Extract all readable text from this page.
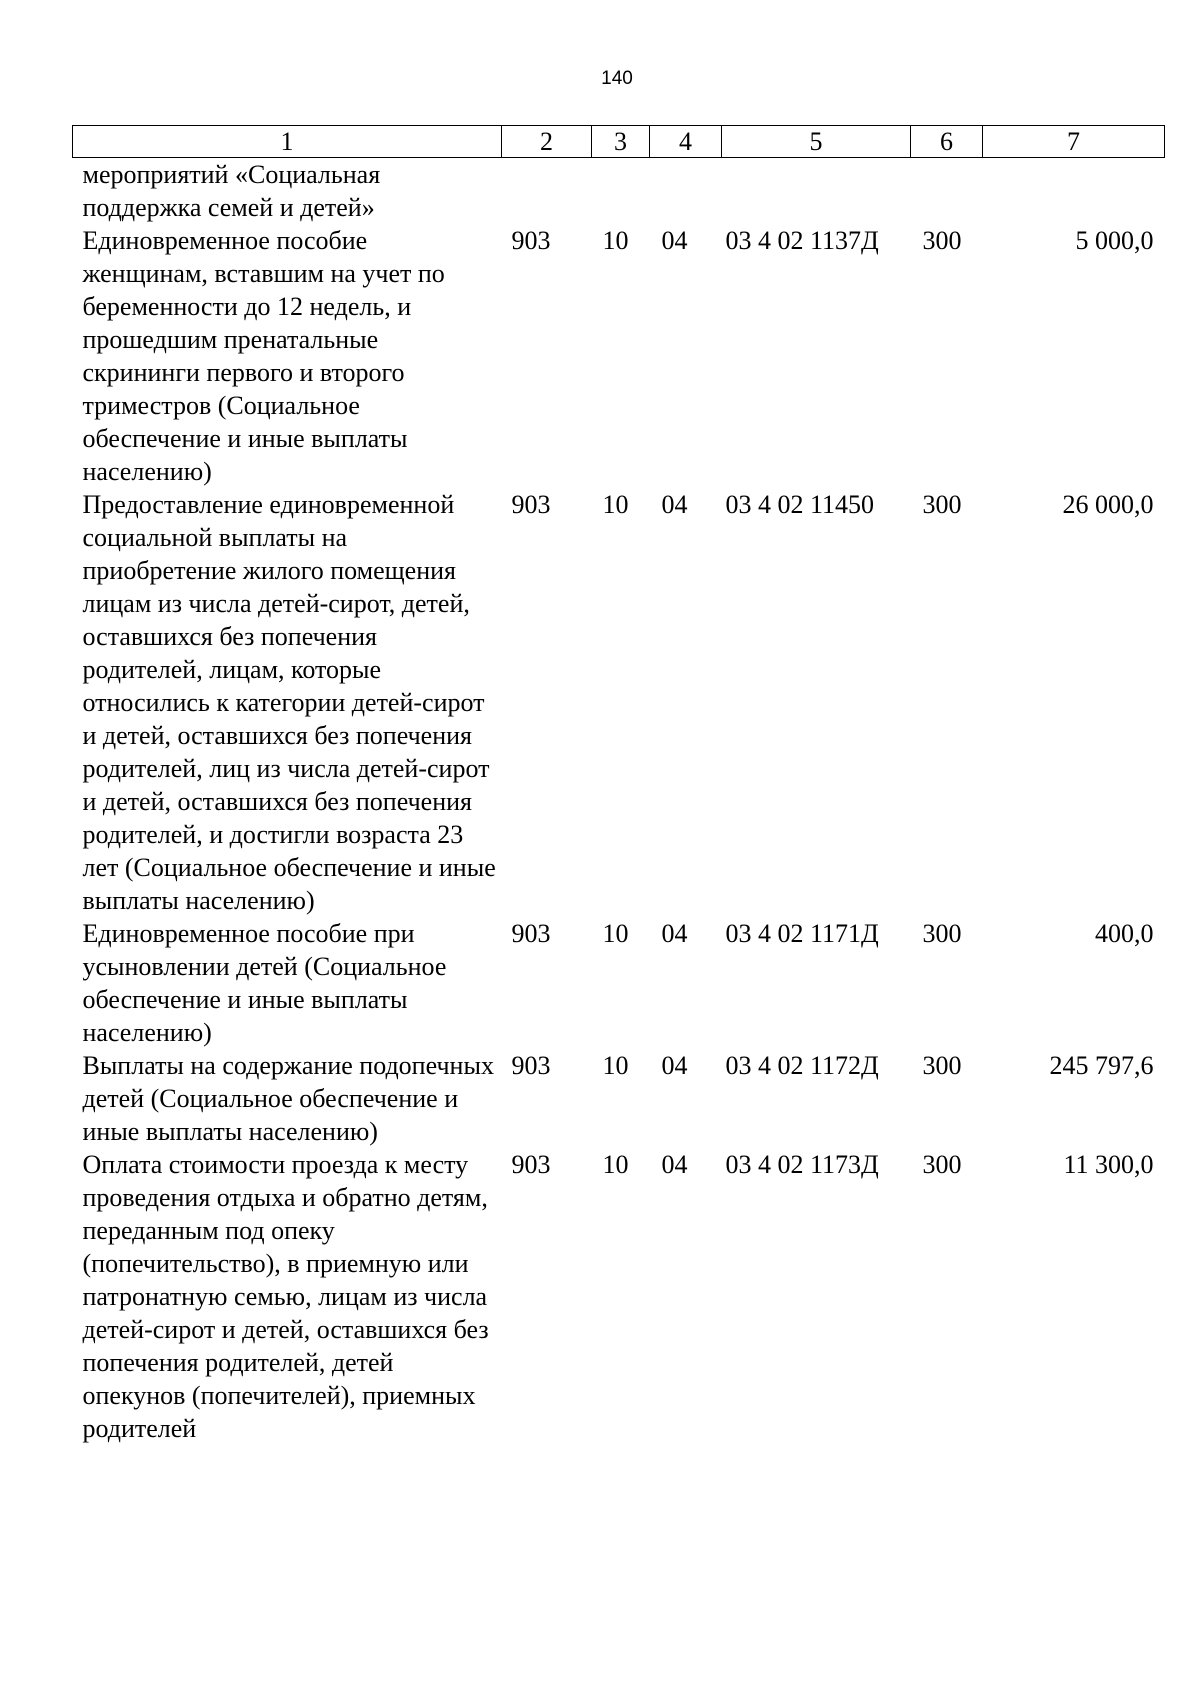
140
1	2	3	4	5	6	7
мероприятий «Социальная поддержка семей и детей»						
Единовременное пособие женщинам, вставшим на учет по беременности до 12 недель, и прошедшим пренатальные скрининги первого и второго триместров (Социальное обеспечение и иные выплаты населению)	903	10	04	03 4 02 1137Д	300	5 000,0
Предоставление единовременной социальной выплаты на приобретение жилого помещения лицам из числа детей-сирот, детей, оставшихся без попечения родителей, лицам, которые относились к категории детей-сирот и детей, оставшихся без попечения родителей, лиц из числа детей-сирот и детей, оставшихся без попечения родителей, и достигли возраста 23 лет (Социальное обеспечение и иные выплаты населению)	903	10	04	03 4 02 11450	300	26 000,0
Единовременное пособие при усыновлении детей (Социальное обеспечение и иные выплаты населению)	903	10	04	03 4 02 1171Д	300	400,0
Выплаты на содержание подопечных детей (Социальное обеспечение и иные выплаты населению)	903	10	04	03 4 02 1172Д	300	245 797,6
Оплата стоимости проезда к месту проведения отдыха и обратно детям, переданным под опеку (попечительство), в приемную или патронатную семью, лицам из числа детей-сирот и детей, оставшихся без попечения родителей, детей опекунов (попечителей), приемных родителей	903	10	04	03 4 02 1173Д	300	11 300,0
